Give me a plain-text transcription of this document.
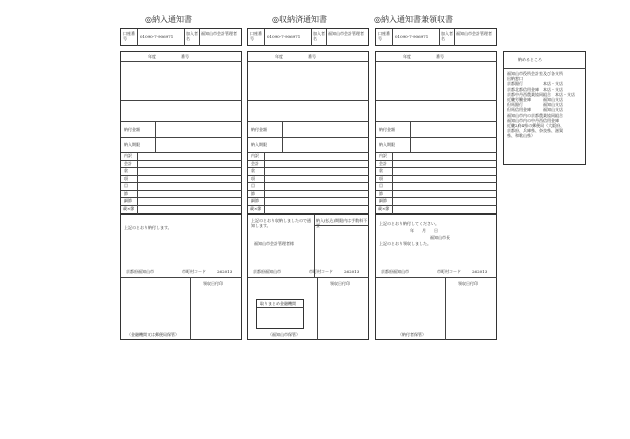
◎納入通知書
口座番号	01090-7-906971
加入者名
福知山市会計管理者
年度	番号
納付金額
納入期限
内訳
会計
款
項
目
節
細節
歳×節
上記のとおり納付します。
京都府福知山市	市町村コード	262013
領収日付印
（金融機関又は郵便局保管）
◎収納済通知書
口座番号	01090-7-906971
加入者名
福知山市会計管理者
年度	番号
納付金額
納入期限
内訳
会計
款
項
目
節
細節
歳×節
上記のとおり収納しましたので通知します。
納入(払込)期限内は手数料不要
福知山市会計管理者様
京都府福知山市	市町村コード	262013
領収日付印
取りまとめ金融機関
（福知山市保管）
◎納入通知書兼領収書
口座番号	01090-7-906971
加入者名
福知山市会計管理者
年度	番号
納付金額
納入期限
内訳
会計
款
項
目
節
細節
歳×節
上記のとおり納付してください。
年　　月　　日
福知山市長
上記のとおり領収しました。
京都府福知山市	市町村コード	262013
領収日付印
（納付者保管）
納めるところ
福知山市役所会計室及び各支所
出納窓口
京都銀行　　　　　本店・支店
京都北都信用金庫　本店・支店
京都中丹西農業協同組合　本店・支店
近畿労働金庫　　　福知山支店
但馬銀行　　　　　福知山支店
但馬信用金庫　　　福知山支店
福知山市内の京都農業協同組合
福知山市内の中丹西信用金庫
近畿2府4県の郵便局（大阪府、
京都府、兵庫県、奈良県、滋賀
県、和歌山県）
